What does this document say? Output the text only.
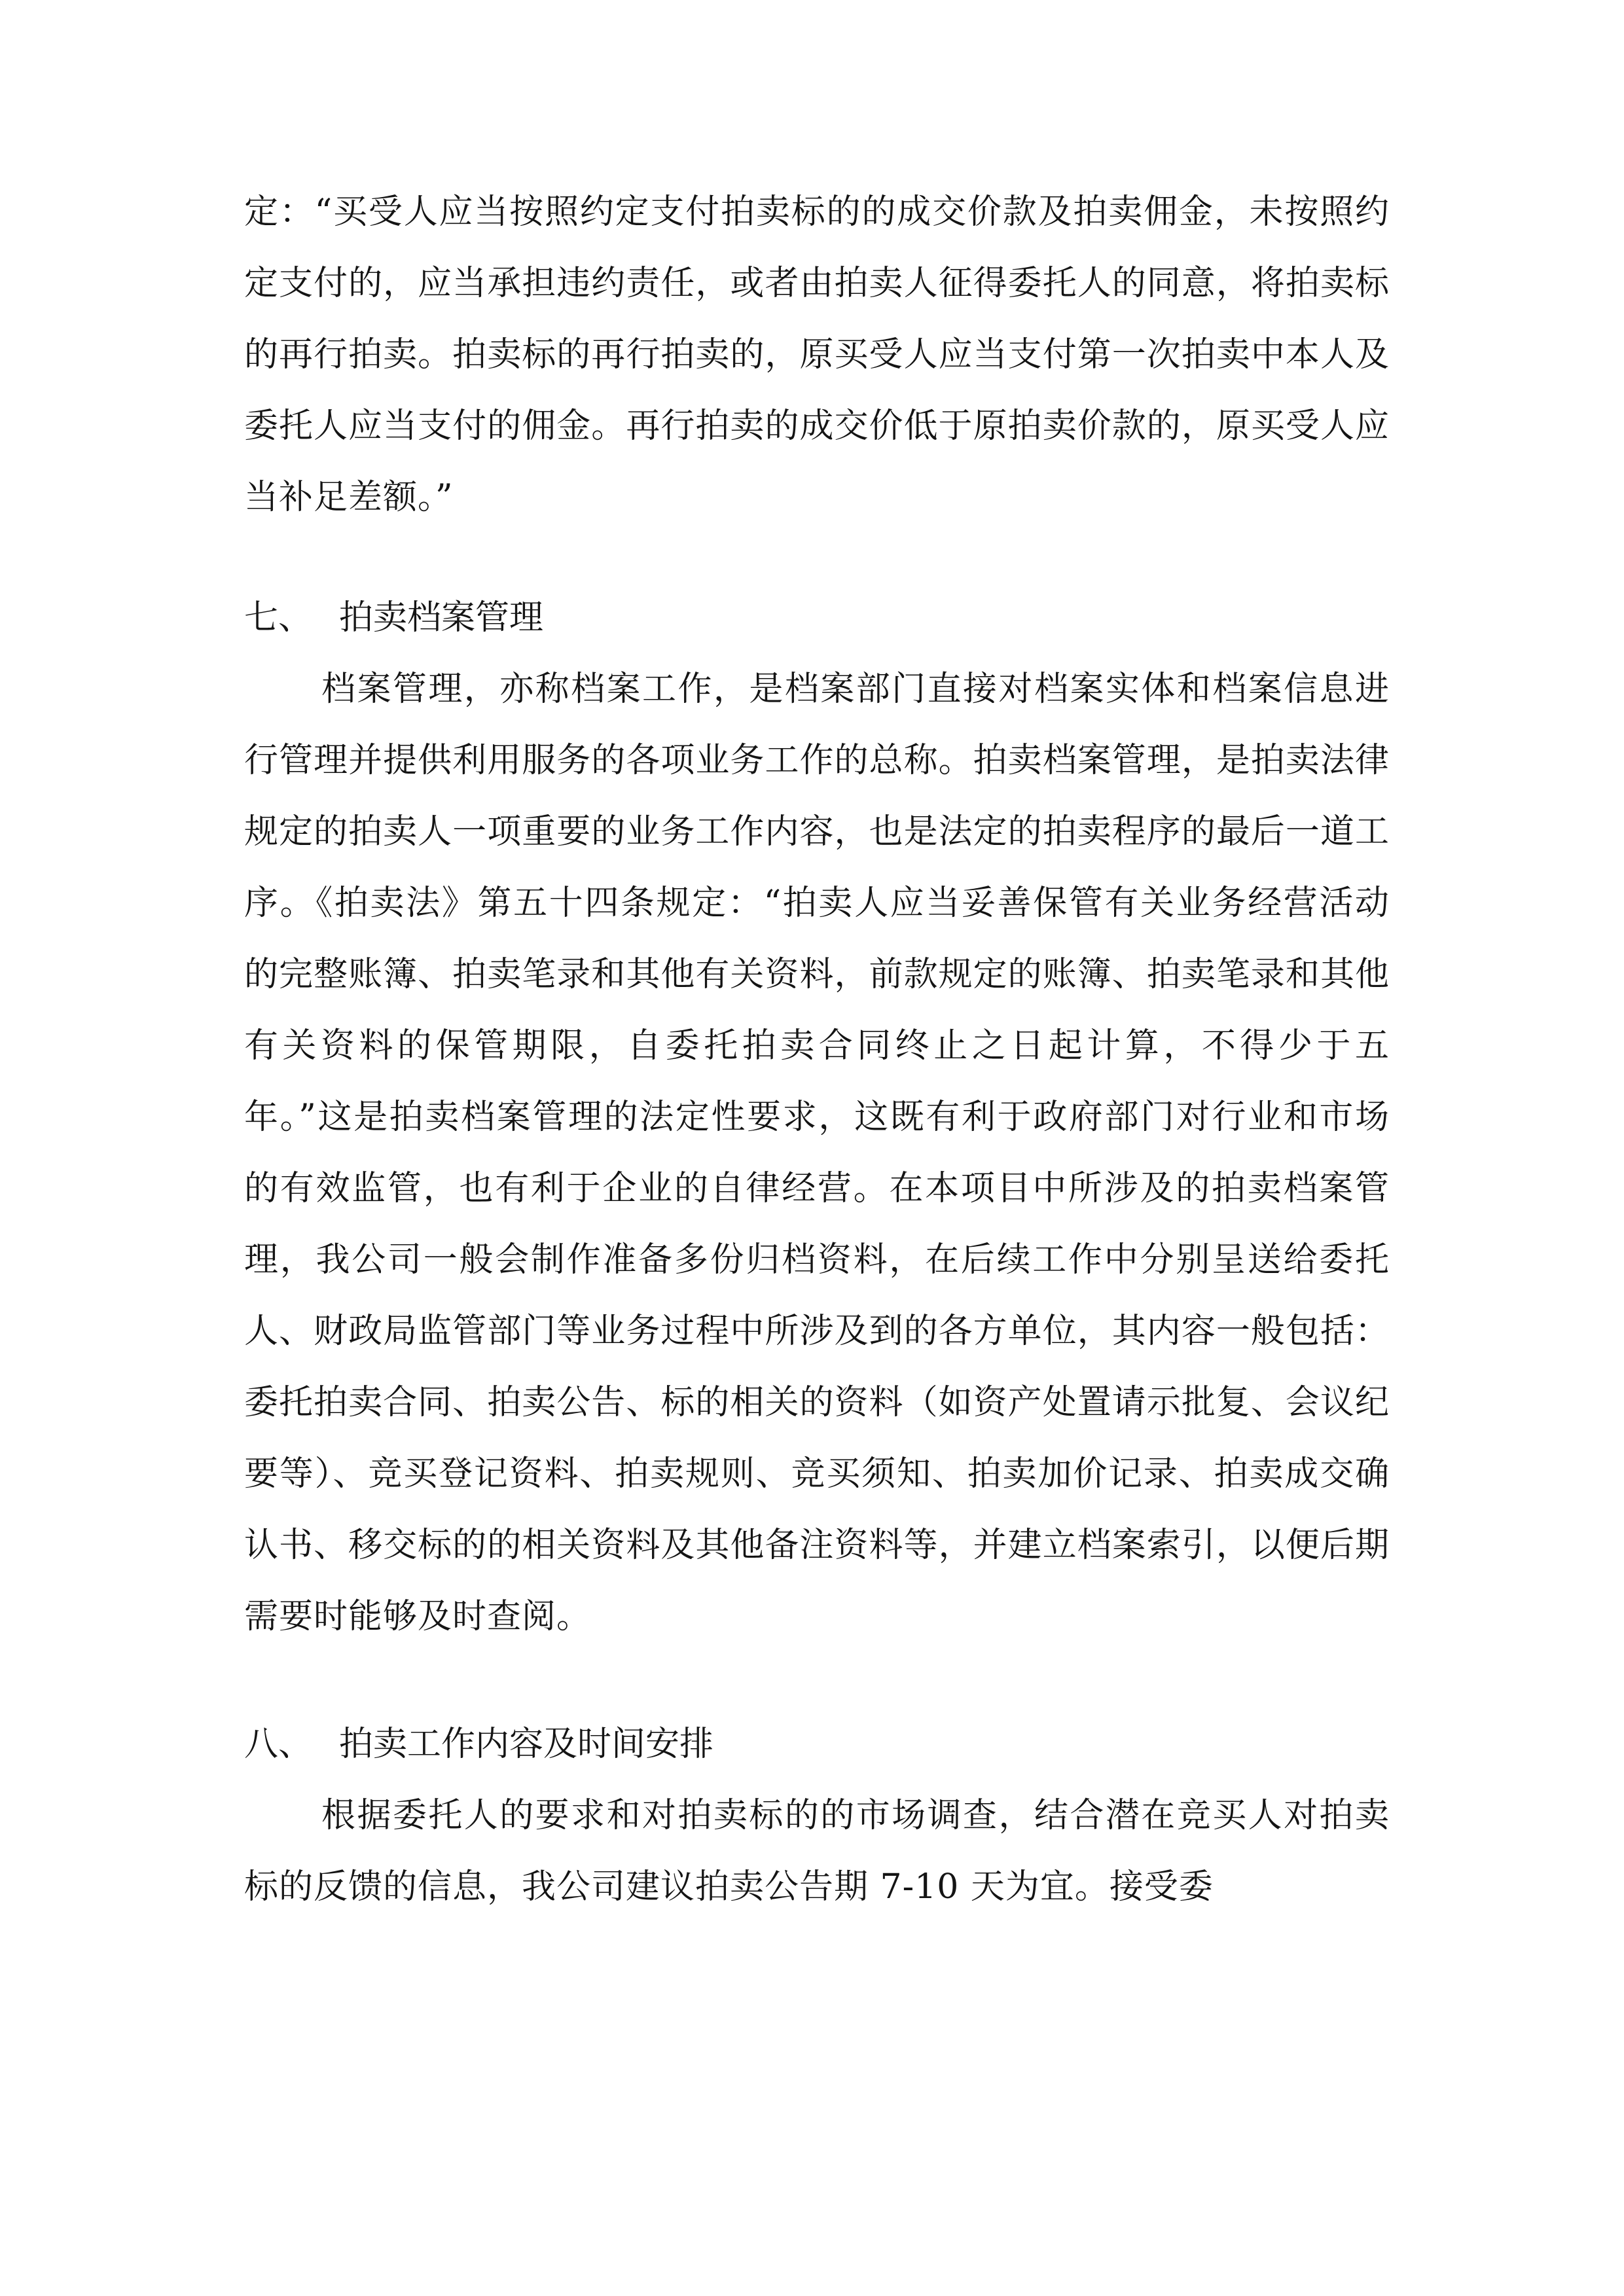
定：“买受人应当按照约定支付拍卖标的的成交价款及拍卖佣金，未按照约定支付的，应当承担违约责任，或者由拍卖人征得委托人的同意，将拍卖标的再行拍卖。拍卖标的再行拍卖的，原买受人应当支付第一次拍卖中本人及委托人应当支付的佣金。再行拍卖的成交价低于原拍卖价款的，原买受人应当补足差额。”

七、 拍卖档案管理

档案管理，亦称档案工作，是档案部门直接对档案实体和档案信息进行管理并提供利用服务的各项业务工作的总称。拍卖档案管理，是拍卖法律规定的拍卖人一项重要的业务工作内容，也是法定的拍卖程序的最后一道工序。《拍卖法》第五十四条规定：“拍卖人应当妥善保管有关业务经营活动的完整账簿、拍卖笔录和其他有关资料，前款规定的账簿、拍卖笔录和其他有关资料的保管期限，自委托拍卖合同终止之日起计算，不得少于五年。”这是拍卖档案管理的法定性要求，这既有利于政府部门对行业和市场的有效监管，也有利于企业的自律经营。在本项目中所涉及的拍卖档案管理，我公司一般会制作准备多份归档资料，在后续工作中分别呈送给委托人、财政局监管部门等业务过程中所涉及到的各方单位，其内容一般包括：委托拍卖合同、拍卖公告、标的相关的资料（如资产处置请示批复、会议纪要等）、竞买登记资料、拍卖规则、竞买须知、拍卖加价记录、拍卖成交确认书、移交标的的相关资料及其他备注资料等，并建立档案索引，以便后期需要时能够及时查阅。

八、 拍卖工作内容及时间安排

根据委托人的要求和对拍卖标的的市场调查，结合潜在竞买人对拍卖标的反馈的信息，我公司建议拍卖公告期 7-10 天为宜。接受委
